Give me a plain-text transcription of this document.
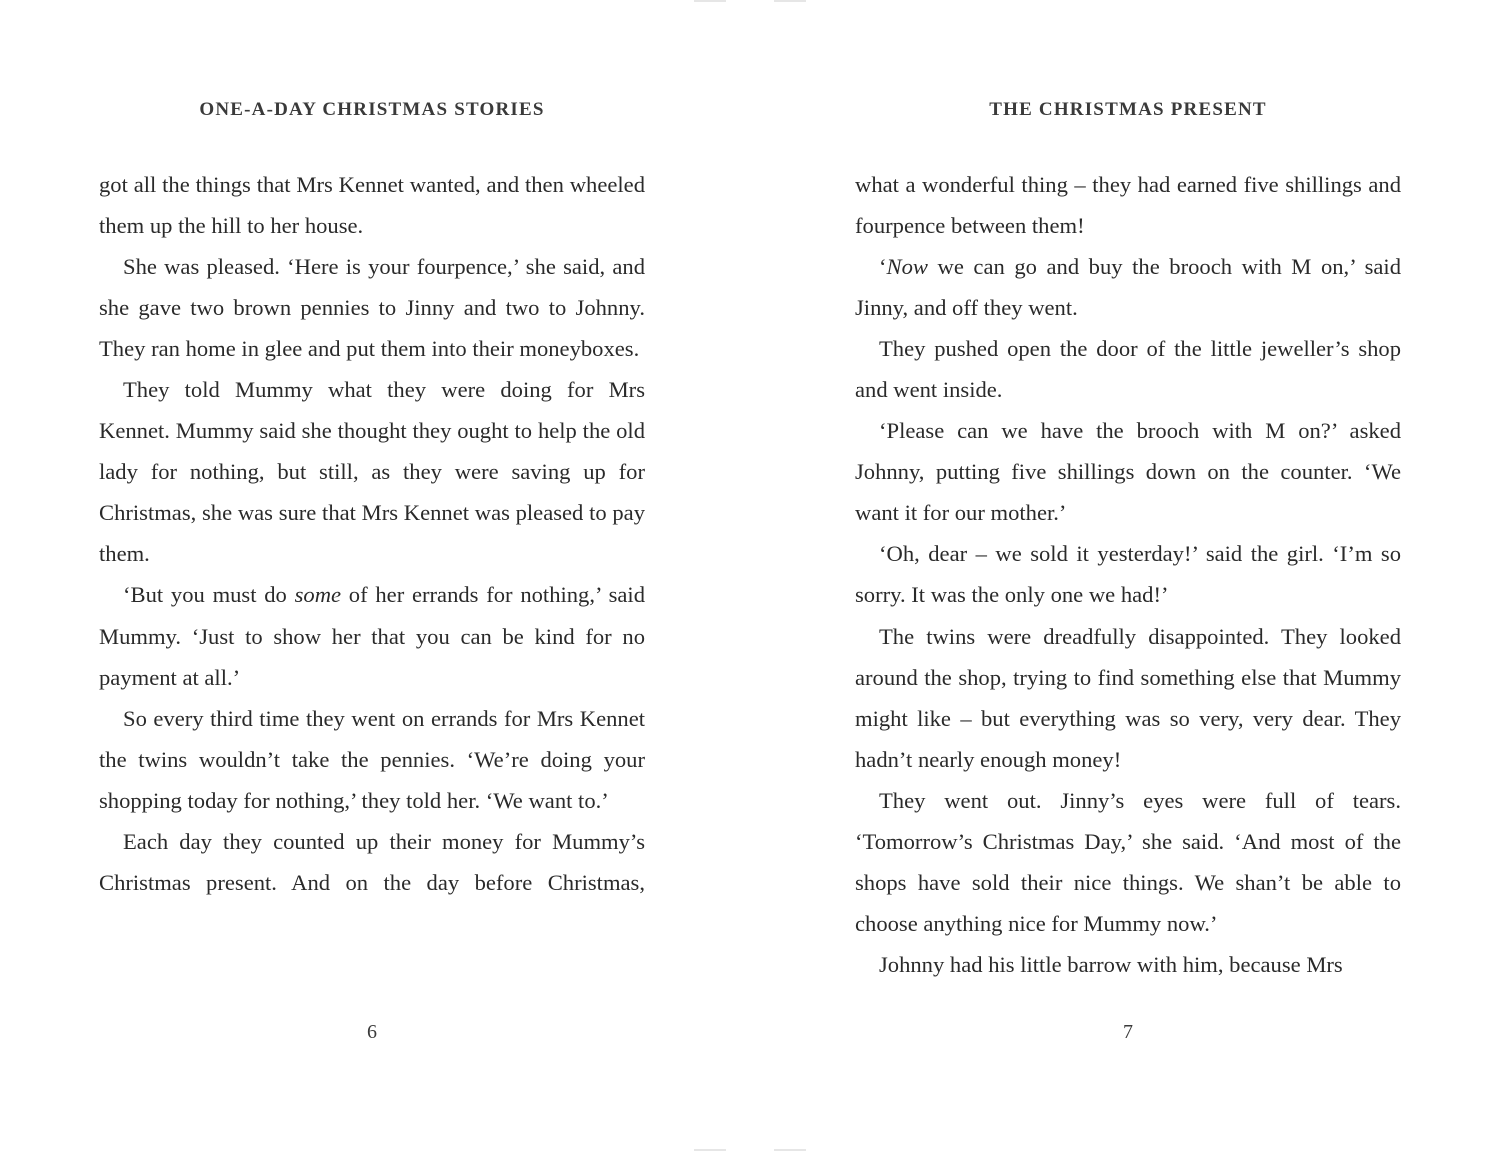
ONE-A-DAY CHRISTMAS STORIES

got all the things that Mrs Kennet wanted, and then wheeled them up the hill to her house.

She was pleased. ‘Here is your fourpence,’ she said, and she gave two brown pennies to Jinny and two to Johnny. They ran home in glee and put them into their moneyboxes.

They told Mummy what they were doing for Mrs Kennet. Mummy said she thought they ought to help the old lady for nothing, but still, as they were saving up for Christmas, she was sure that Mrs Kennet was pleased to pay them.

‘But you must do some of her errands for nothing,’ said Mummy. ‘Just to show her that you can be kind for no payment at all.’

So every third time they went on errands for Mrs Kennet the twins wouldn’t take the pennies. ‘We’re doing your shopping today for nothing,’ they told her. ‘We want to.’

Each day they counted up their money for Mummy’s Christmas present. And on the day before Christmas,

6
THE CHRISTMAS PRESENT

what a wonderful thing – they had earned five shillings and fourpence between them!

‘Now we can go and buy the brooch with M on,’ said Jinny, and off they went.

They pushed open the door of the little jeweller’s shop and went inside.

‘Please can we have the brooch with M on?’ asked Johnny, putting five shillings down on the counter. ‘We want it for our mother.’

‘Oh, dear – we sold it yesterday!’ said the girl. ‘I’m so sorry. It was the only one we had!’

The twins were dreadfully disappointed. They looked around the shop, trying to find something else that Mummy might like – but everything was so very, very dear. They hadn’t nearly enough money!

They went out. Jinny’s eyes were full of tears. ‘Tomorrow’s Christmas Day,’ she said. ‘And most of the shops have sold their nice things. We shan’t be able to choose anything nice for Mummy now.’

Johnny had his little barrow with him, because Mrs

7
